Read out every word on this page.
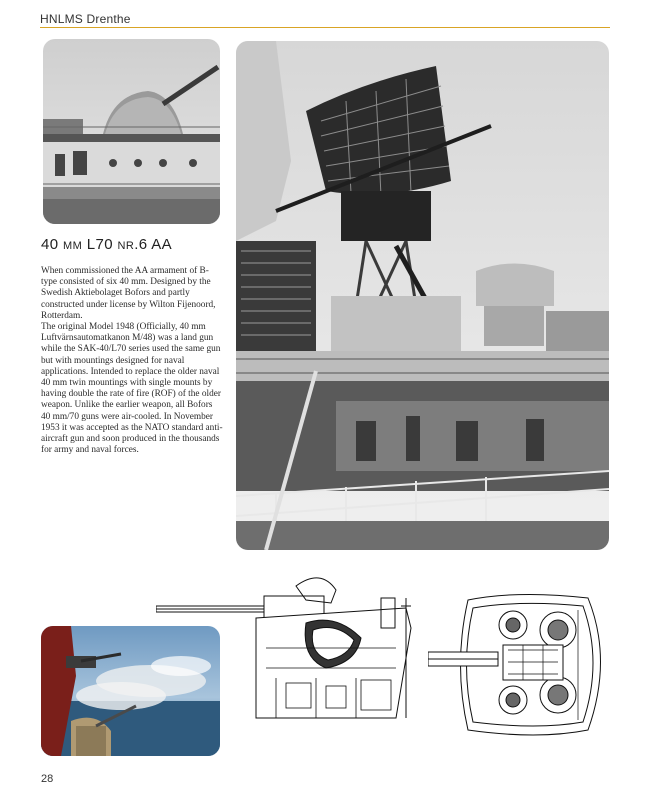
HNLMS Drenthe
40 mm L70 nr.6 AA

When commissioned the AA armament of B-type consisted of six 40 mm. Designed by the Swedish Aktiebolaget Bofors and partly constructed under license by Wilton Fijenoord, Rotterdam.

The original Model 1948 (Officially, 40 mm Luftvärnsautomatkanon M/48) was a land gun while the SAK-40/L70 series used the same gun but with mountings designed for naval applications. Intended to replace the older naval 40 mm twin mountings with single mounts by having double the rate of fire (ROF) of the older weapon. Unlike the earlier weapon, all Bofors 40 mm/70 guns were air-cooled. In November 1953 it was accepted as the NATO standard anti-aircraft gun and soon produced in the thousands for army and naval forces.

28
